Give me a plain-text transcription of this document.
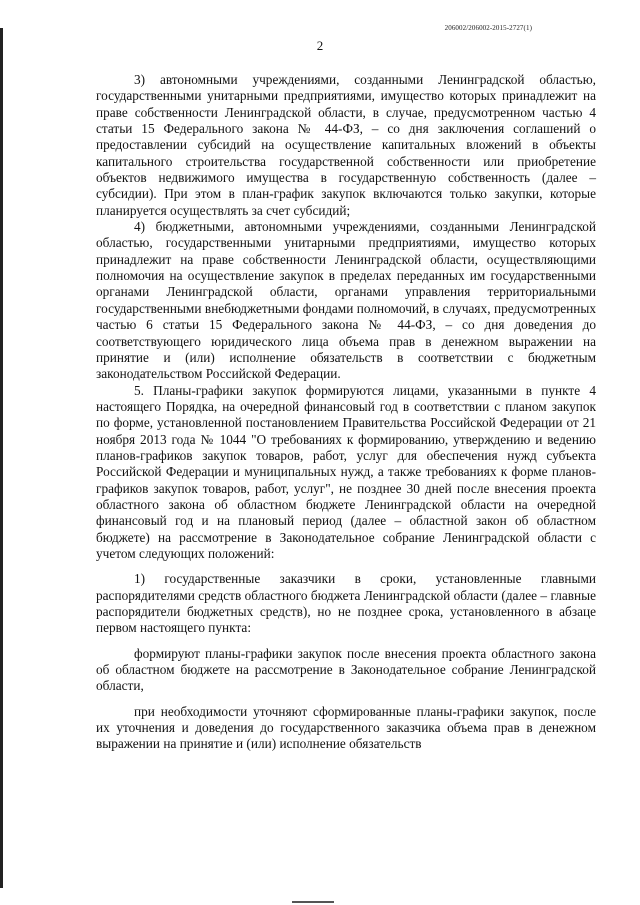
206002/206002-2015-2727(1)
2

3) автономными учреждениями, созданными Ленинградской областью, государственными унитарными предприятиями, имущество которых принадлежит на праве собственности Ленинградской области, в случае, предусмотренном частью 4 статьи 15 Федерального закона № 44-ФЗ, – со дня заключения соглашений о предоставлении субсидий на осуществление капитальных вложений в объекты капитального строительства государственной собственности или приобретение объектов недвижимого имущества в государственную собственность (далее – субсидии). При этом в план-график закупок включаются только закупки, которые планируется осуществлять за счет субсидий;

4) бюджетными, автономными учреждениями, созданными Ленинградской областью, государственными унитарными предприятиями, имущество которых принадлежит на праве собственности Ленинградской области, осуществляющими полномочия на осуществление закупок в пределах переданных им государственными органами Ленинградской области, органами управления территориальными государственными внебюджетными фондами полномочий, в случаях, предусмотренных частью 6 статьи 15 Федерального закона № 44-ФЗ, – со дня доведения до соответствующего юридического лица объема прав в денежном выражении на принятие и (или) исполнение обязательств в соответствии с бюджетным законодательством Российской Федерации.

5. Планы-графики закупок формируются лицами, указанными в пункте 4 настоящего Порядка, на очередной финансовый год в соответствии с планом закупок по форме, установленной постановлением Правительства Российской Федерации от 21 ноября 2013 года № 1044 "О требованиях к формированию, утверждению и ведению планов-графиков закупок товаров, работ, услуг для обеспечения нужд субъекта Российской Федерации и муниципальных нужд, а также требованиях к форме планов-графиков закупок товаров, работ, услуг", не позднее 30 дней после внесения проекта областного закона об областном бюджете Ленинградской области на очередной финансовый год и на плановый период (далее – областной закон об областном бюджете) на рассмотрение в Законодательное собрание Ленинградской области с учетом следующих положений:

1) государственные заказчики в сроки, установленные главными распорядителями средств областного бюджета Ленинградской области (далее – главные распорядители бюджетных средств), но не позднее срока, установленного в абзаце первом настоящего пункта:

формируют планы-графики закупок после внесения проекта областного закона об областном бюджете на рассмотрение в Законодательное собрание Ленинградской области,

при необходимости уточняют сформированные планы-графики закупок, после их уточнения и доведения до государственного заказчика объема прав в денежном выражении на принятие и (или) исполнение обязательств
